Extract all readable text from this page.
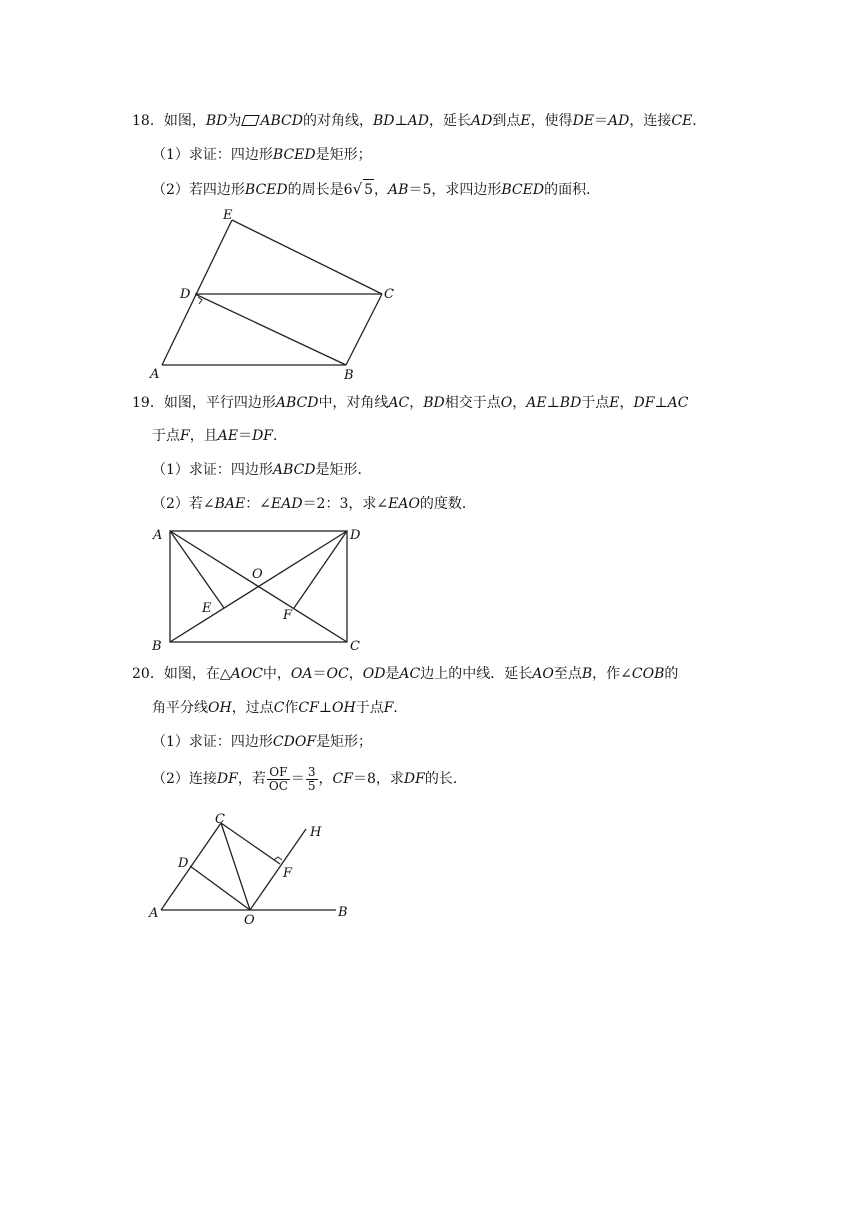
18．如图，BD为 ABCD的对角线，BD⊥AD，延长AD到点E，使得DE＝AD，连接CE．
（1）求证：四边形BCED是矩形；
（2）若四边形BCED的周长是6√ 5，AB＝5，求四边形BCED的面积．
E
D	C
A	B
19．如图，平行四边形ABCD中，对角线AC，BD相交于点O，AE⊥BD于点E，DF⊥AC
于点F，且AE＝DF．
（1）求证：四边形ABCD是矩形．
（2）若∠BAE：∠EAD＝2：3，求∠EAO的度数．
A	D
O
E	F
B	C
20．如图，在△AOC中，OA＝OC，OD是AC边上的中线．延长AO至点B，作∠COB的
角平分线OH，过点C作CF⊥OH于点F．
（1）求证：四边形CDOF是矩形；
（2）连接DF，若 $\frac{OF}{OC} = \frac{3}{5}$ ，CF＝8，求DF的长．
C
H
D
F
A	O
B
